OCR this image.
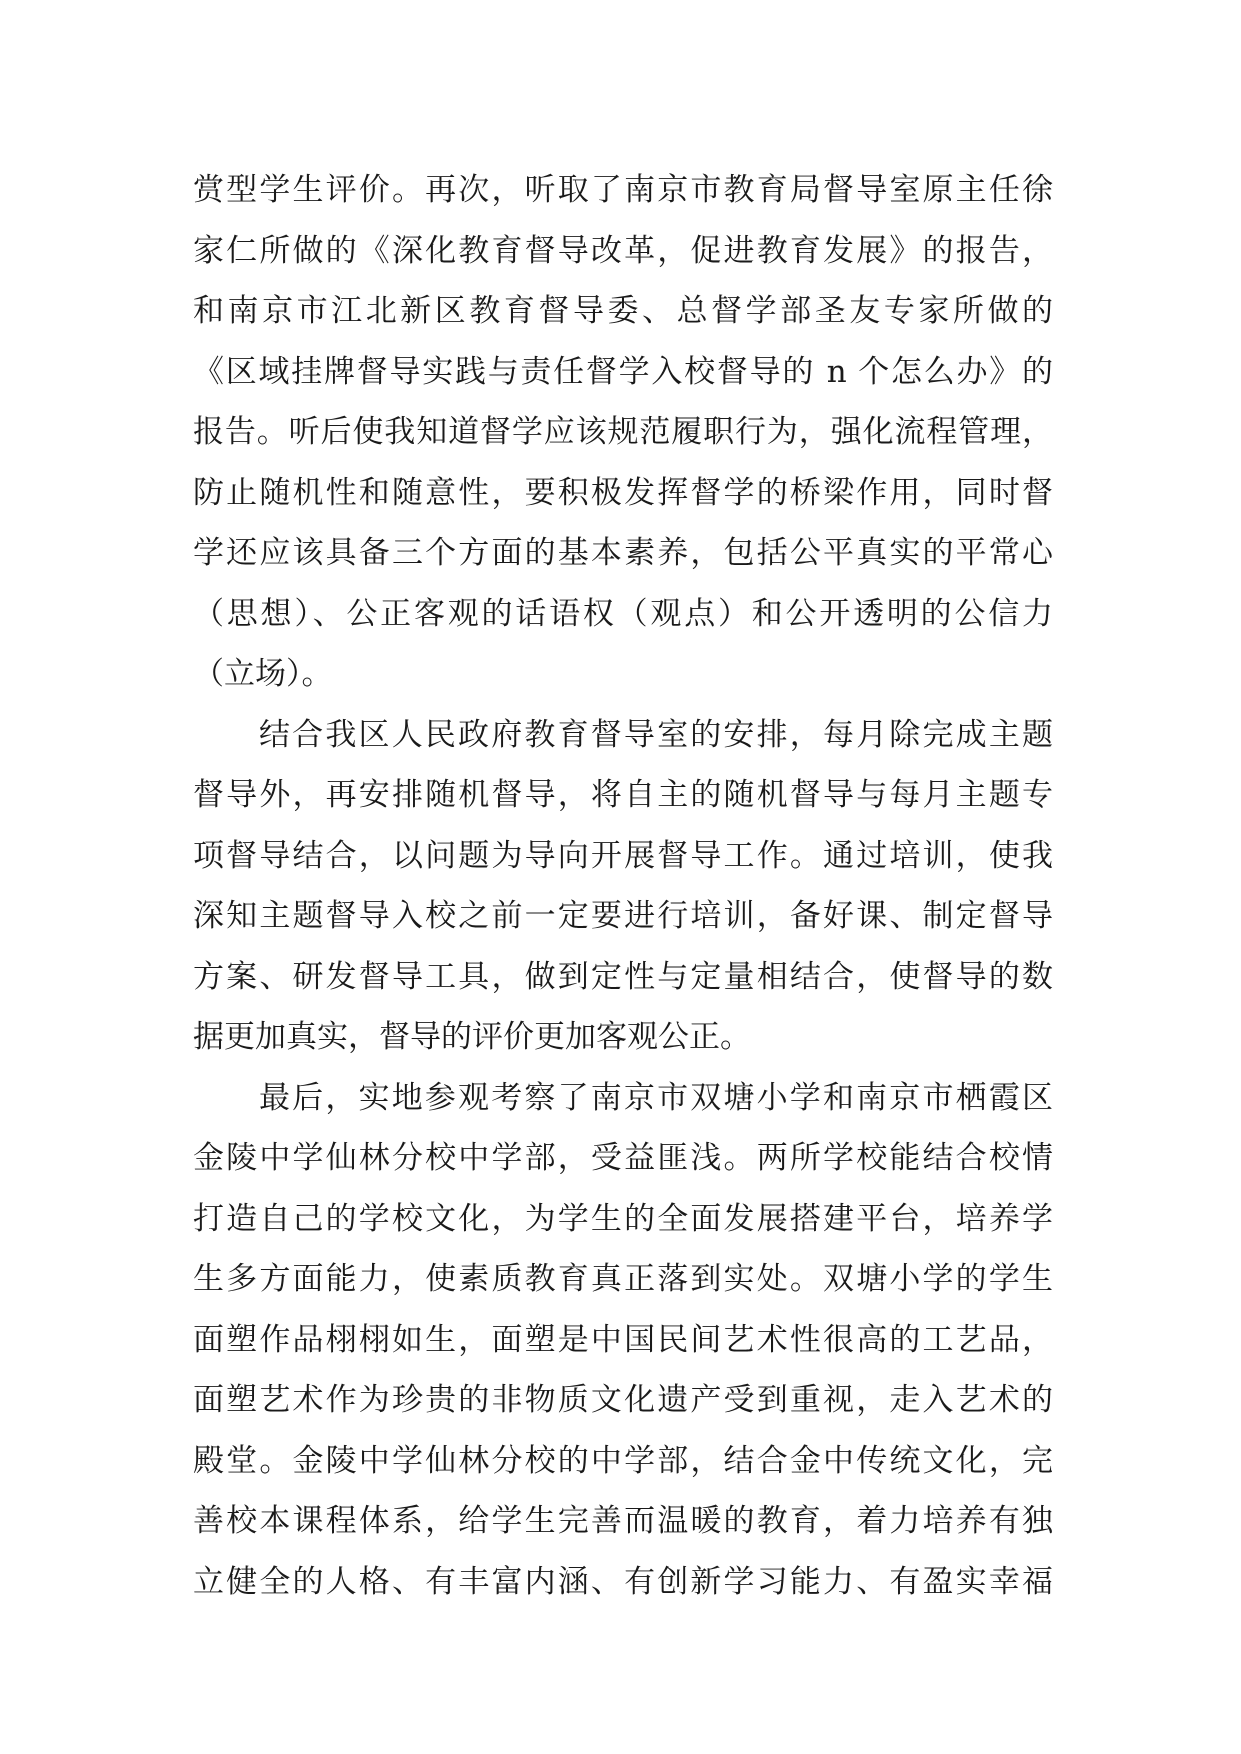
赏型学生评价。再次，听取了南京市教育局督导室原主任徐
家仁所做的《深化教育督导改革，促进教育发展》的报告，
和南京市江北新区教育督导委、总督学部圣友专家所做的
《区域挂牌督导实践与责任督学入校督导的 n 个怎么办》的
报告。听后使我知道督学应该规范履职行为，强化流程管理，
防止随机性和随意性，要积极发挥督学的桥梁作用，同时督
学还应该具备三个方面的基本素养，包括公平真实的平常心
（思想）、公正客观的话语权（观点）和公开透明的公信力
（立场）。
结合我区人民政府教育督导室的安排，每月除完成主题
督导外，再安排随机督导，将自主的随机督导与每月主题专
项督导结合，以问题为导向开展督导工作。通过培训，使我
深知主题督导入校之前一定要进行培训，备好课、制定督导
方案、研发督导工具，做到定性与定量相结合，使督导的数
据更加真实，督导的评价更加客观公正。
最后，实地参观考察了南京市双塘小学和南京市栖霞区
金陵中学仙林分校中学部，受益匪浅。两所学校能结合校情
打造自己的学校文化，为学生的全面发展搭建平台，培养学
生多方面能力，使素质教育真正落到实处。双塘小学的学生
面塑作品栩栩如生，面塑是中国民间艺术性很高的工艺品，
面塑艺术作为珍贵的非物质文化遗产受到重视，走入艺术的
殿堂。金陵中学仙林分校的中学部，结合金中传统文化，完
善校本课程体系，给学生完善而温暖的教育，着力培养有独
立健全的人格、有丰富内涵、有创新学习能力、有盈实幸福
